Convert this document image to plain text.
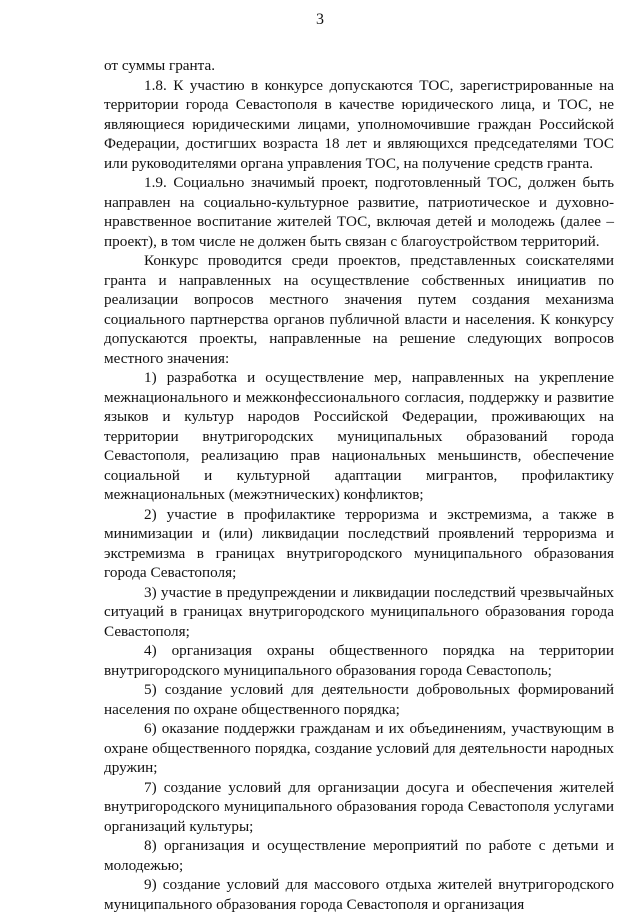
3

от суммы гранта.

1.8. К участию в конкурсе допускаются ТОС, зарегистрированные на территории города Севастополя в качестве юридического лица, и ТОС, не являющиеся юридическими лицами, уполномочившие граждан Российской Федерации, достигших возраста 18 лет и являющихся председателями ТОС или руководителями органа управления ТОС, на получение средств гранта.

1.9. Социально значимый проект, подготовленный ТОС, должен быть направлен на социально-культурное развитие, патриотическое и духовно-нравственное воспитание жителей ТОС, включая детей и молодежь (далее – проект), в том числе не должен быть связан с благоустройством территорий.

Конкурс проводится среди проектов, представленных соискателями гранта и направленных на осуществление собственных инициатив по реализации вопросов местного значения путем создания механизма социального партнерства органов публичной власти и населения. К конкурсу допускаются проекты, направленные на решение следующих вопросов местного значения:

1) разработка и осуществление мер, направленных на укрепление межнационального и межконфессионального согласия, поддержку и развитие языков и культур народов Российской Федерации, проживающих на территории внутригородских муниципальных образований города Севастополя, реализацию прав национальных меньшинств, обеспечение социальной и культурной адаптации мигрантов, профилактику межнациональных (межэтнических) конфликтов;

2) участие в профилактике терроризма и экстремизма, а также в минимизации и (или) ликвидации последствий проявлений терроризма и экстремизма в границах внутригородского муниципального образования города Севастополя;

3) участие в предупреждении и ликвидации последствий чрезвычайных ситуаций в границах внутригородского муниципального образования города Севастополя;

4) организация охраны общественного порядка на территории внутригородского муниципального образования города Севастополь;

5) создание условий для деятельности добровольных формирований населения по охране общественного порядка;

6) оказание поддержки гражданам и их объединениям, участвующим в охране общественного порядка, создание условий для деятельности народных дружин;

7) создание условий для организации досуга и обеспечения жителей внутригородского муниципального образования города Севастополя услугами организаций культуры;

8) организация и осуществление мероприятий по работе с детьми и молодежью;

9) создание условий для массового отдыха жителей внутригородского муниципального образования города Севастополя и организация
